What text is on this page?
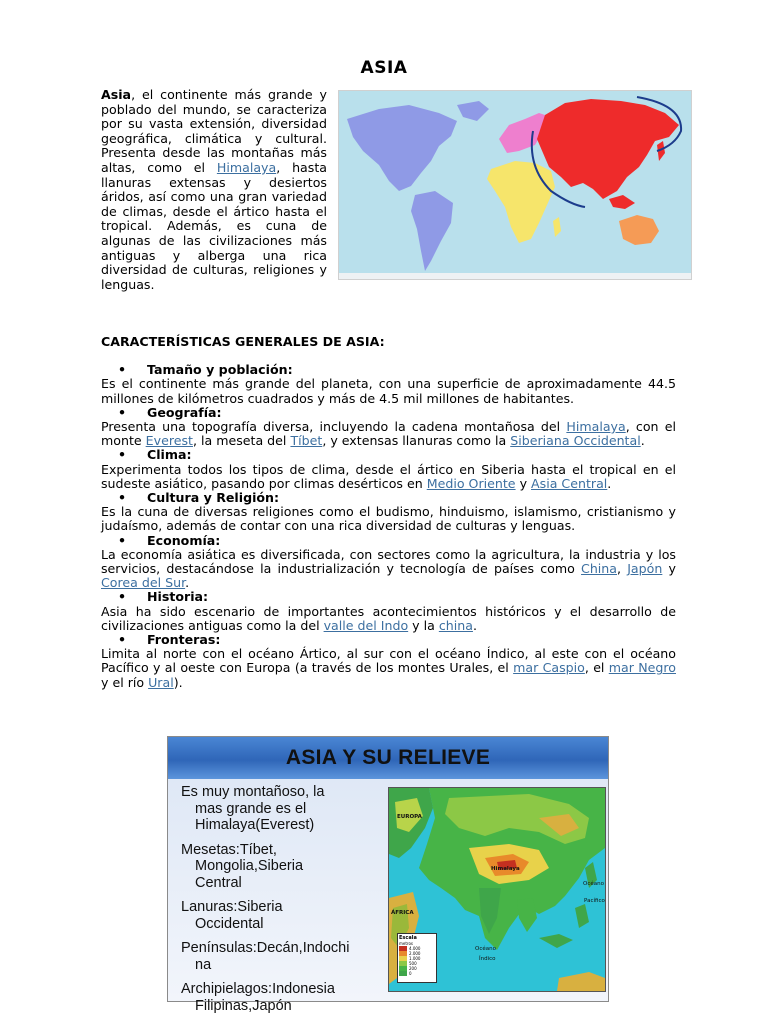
ASIA
Asia, el continente más grande y poblado del mundo, se caracteriza por su vasta extensión, diversidad geográfica, climática y cultural. Presenta desde las montañas más altas, como el Himalaya, hasta llanuras extensas y desiertos áridos, así como una gran variedad de climas, desde el ártico hasta el tropical. Además, es cuna de algunas de las civilizaciones más antiguas y alberga una rica diversidad de culturas, religiones y lenguas.
CARACTERÍSTICAS GENERALES DE ASIA:
• Tamaño y población:
Es el continente más grande del planeta, con una superficie de aproximadamente 44.5 millones de kilómetros cuadrados y más de 4.5 mil millones de habitantes.
• Geografía:
Presenta una topografía diversa, incluyendo la cadena montañosa del Himalaya, con el monte Everest, la meseta del Tíbet, y extensas llanuras como la Siberiana Occidental.
• Clima:
Experimenta todos los tipos de clima, desde el ártico en Siberia hasta el tropical en el sudeste asiático, pasando por climas desérticos en Medio Oriente y Asia Central.
• Cultura y Religión:
Es la cuna de diversas religiones como el budismo, hinduismo, islamismo, cristianismo y judaísmo, además de contar con una rica diversidad de culturas y lenguas.
• Economía:
La economía asiática es diversificada, con sectores como la agricultura, la industria y los servicios, destacándose la industrialización y tecnología de países como China, Japón y Corea del Sur.
• Historia:
Asia ha sido escenario de importantes acontecimientos históricos y el desarrollo de civilizaciones antiguas como la del valle del Indo y la china.
• Fronteras:
Limita al norte con el océano Ártico, al sur con el océano Índico, al este con el océano Pacífico y al oeste con Europa (a través de los montes Urales, el mar Caspio, el mar Negro y el río Ural).
ASIA Y SU RELIEVE
Es muy montañoso, la

mas grande es el
Himalaya(Everest)
Mesetas:Tíbet,

Mongolia,Siberia
Central
Lanuras:Siberia

Occidental
Penínsulas:Decán,Indochi

na
Archipielagos:Indonesia

Filipinas,Japón
EUROPA
ÁFRICA
Himalaya
Océano
Pacífico
Océano
Índico
Escala
metros
4.000
2.000
1.000
500
200
0
